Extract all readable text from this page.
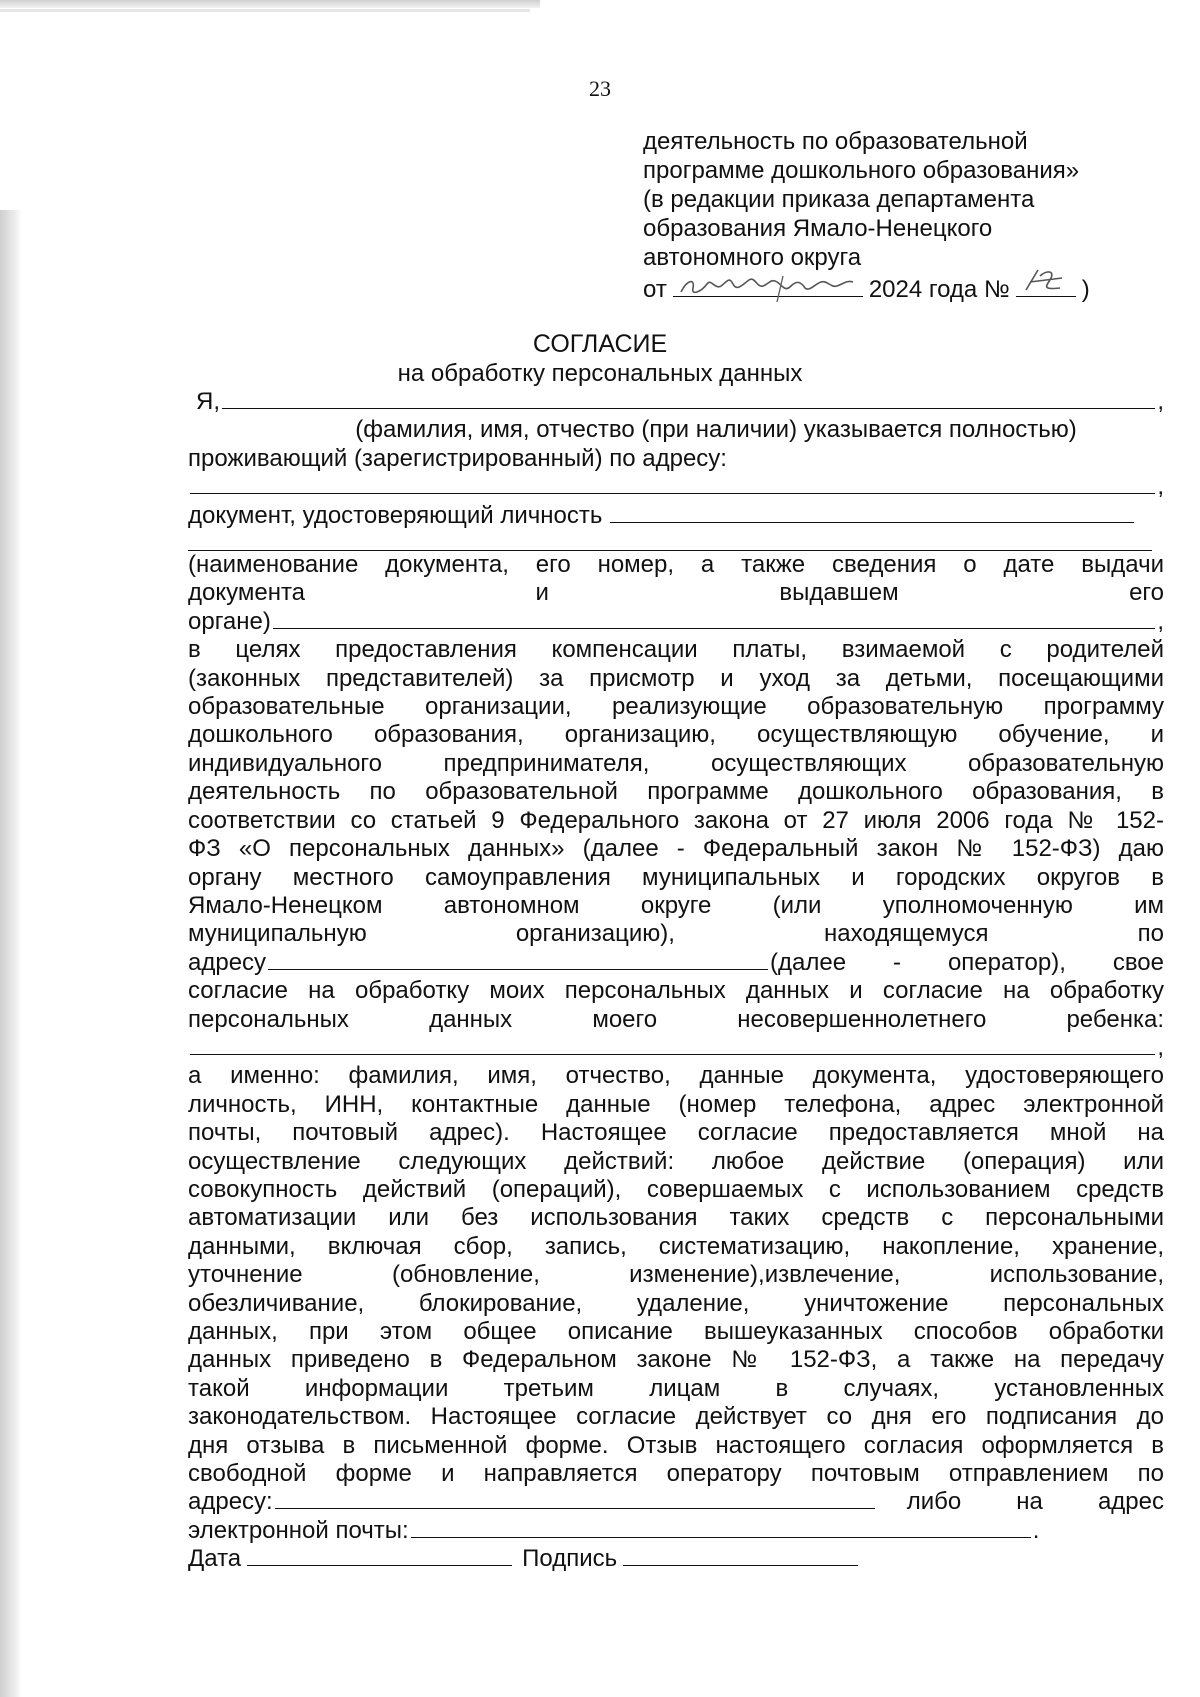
23
деятельность по образовательной
программе дошкольного образования»
(в редакции приказа департамента
образования Ямало-Ненецкого
автономного округа
от	2024 года №	)
СОГЛАСИЕ
на обработку персональных данных
Я,	,
(фамилия, имя, отчество (при наличии) указывается полностью)
проживающий (зарегистрированный) по адресу:
,
документ, удостоверяющий личность
(наименование документа, его номер, а также сведения о дате выдачи
документа и выдавшем его
органе)	,
в целях предоставления компенсации платы, взимаемой с родителей
(законных представителей) за присмотр и уход за детьми, посещающими
образовательные организации, реализующие образовательную программу
дошкольного образования, организацию, осуществляющую обучение, и
индивидуального предпринимателя, осуществляющих образовательную
деятельность по образовательной программе дошкольного образования, в
соответствии со статьей 9 Федерального закона от 27 июля 2006 года № 152-
ФЗ «О персональных данных» (далее - Федеральный закон № 152-ФЗ) даю
органу местного самоуправления муниципальных и городских округов в
Ямало-Ненецком автономном округе (или уполномоченную им
муниципальную организацию), находящемуся по
адресу	(далее - оператор), свое
согласие на обработку моих персональных данных и согласие на обработку
персональных данных моего несовершеннолетнего ребенка:
,
а именно: фамилия, имя, отчество, данные документа, удостоверяющего
личность, ИНН, контактные данные (номер телефона, адрес электронной
почты, почтовый адрес). Настоящее согласие предоставляется мной на
осуществление следующих действий: любое действие (операция) или
совокупность действий (операций), совершаемых с использованием средств
автоматизации или без использования таких средств с персональными
данными, включая сбор, запись, систематизацию, накопление, хранение,
уточнение (обновление, изменение),извлечение, использование,
обезличивание, блокирование, удаление, уничтожение персональных
данных, при этом общее описание вышеуказанных способов обработки
данных приведено в Федеральном законе № 152-ФЗ, а также на передачу
такой информации третьим лицам в случаях, установленных
законодательством. Настоящее согласие действует со дня его подписания до
дня отзыва в письменной форме. Отзыв настоящего согласия оформляется в
свободной форме и направляется оператору почтовым отправлением по
адресу:	либо на адрес
электронной почты:	.
Дата	Подпись
